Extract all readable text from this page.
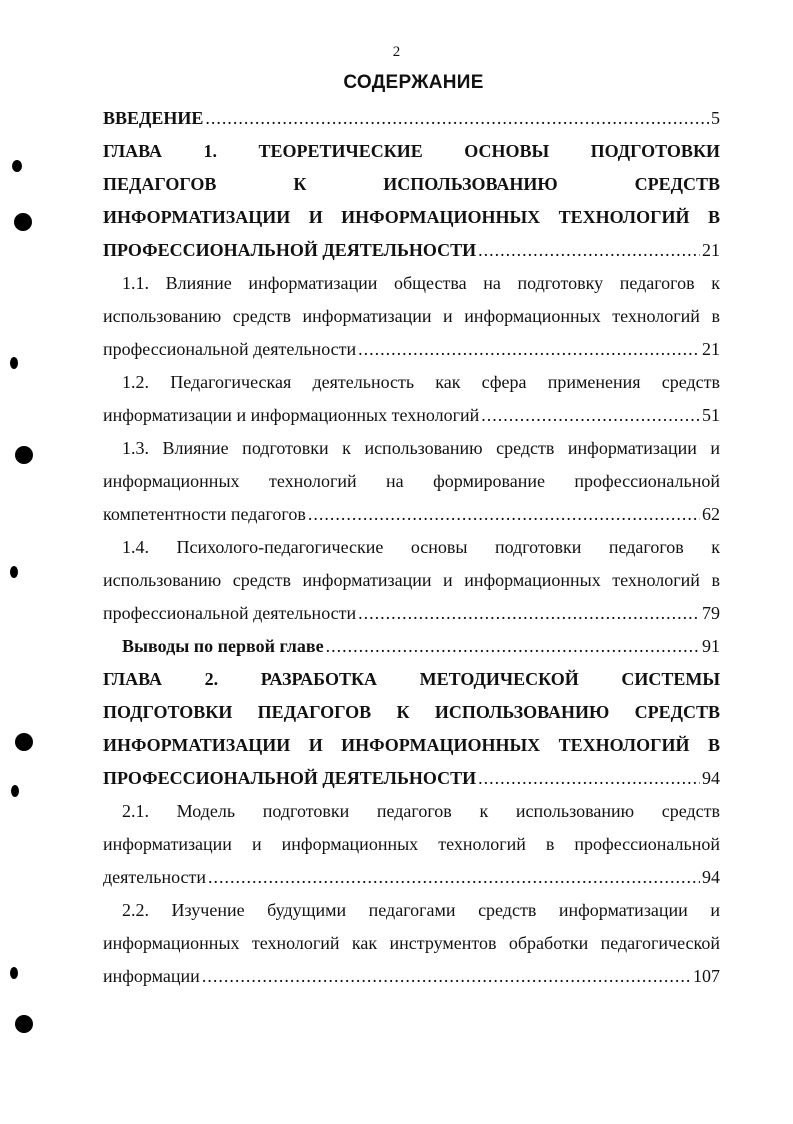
2
СОДЕРЖАНИЕ
ВВЕДЕНИЕ .....	5
ГЛАВА 1. ТЕОРЕТИЧЕСКИЕ ОСНОВЫ ПОДГОТОВКИ
ПЕДАГОГОВ К ИСПОЛЬЗОВАНИЮ СРЕДСТВ
ИНФОРМАТИЗАЦИИ И ИНФОРМАЦИОННЫХ ТЕХНОЛОГИЙ В
ПРОФЕССИОНАЛЬНОЙ ДЕЯТЕЛЬНОСТИ .....	21
1.1. Влияние информатизации общества на подготовку педагогов к
использованию средств информатизации и информационных технологий в
профессиональной деятельности .....	21
1.2. Педагогическая деятельность как сфера применения средств
информатизации и информационных технологий .....	51
1.3. Влияние подготовки к использованию средств информатизации и
информационных технологий на формирование профессиональной
компетентности педагогов .....	62
1.4. Психолого-педагогические основы подготовки педагогов к
использованию средств информатизации и информационных технологий в
профессиональной деятельности .....	79
Выводы по первой главе .....	91
ГЛАВА 2. РАЗРАБОТКА МЕТОДИЧЕСКОЙ СИСТЕМЫ
ПОДГОТОВКИ ПЕДАГОГОВ К ИСПОЛЬЗОВАНИЮ СРЕДСТВ
ИНФОРМАТИЗАЦИИ И ИНФОРМАЦИОННЫХ ТЕХНОЛОГИЙ В
ПРОФЕССИОНАЛЬНОЙ ДЕЯТЕЛЬНОСТИ .....	94
2.1. Модель подготовки педагогов к использованию средств
информатизации и информационных технологий в профессиональной
деятельности .....	94
2.2. Изучение будущими педагогами средств информатизации и
информационных технологий как инструментов обработки педагогической
информации .....	107
